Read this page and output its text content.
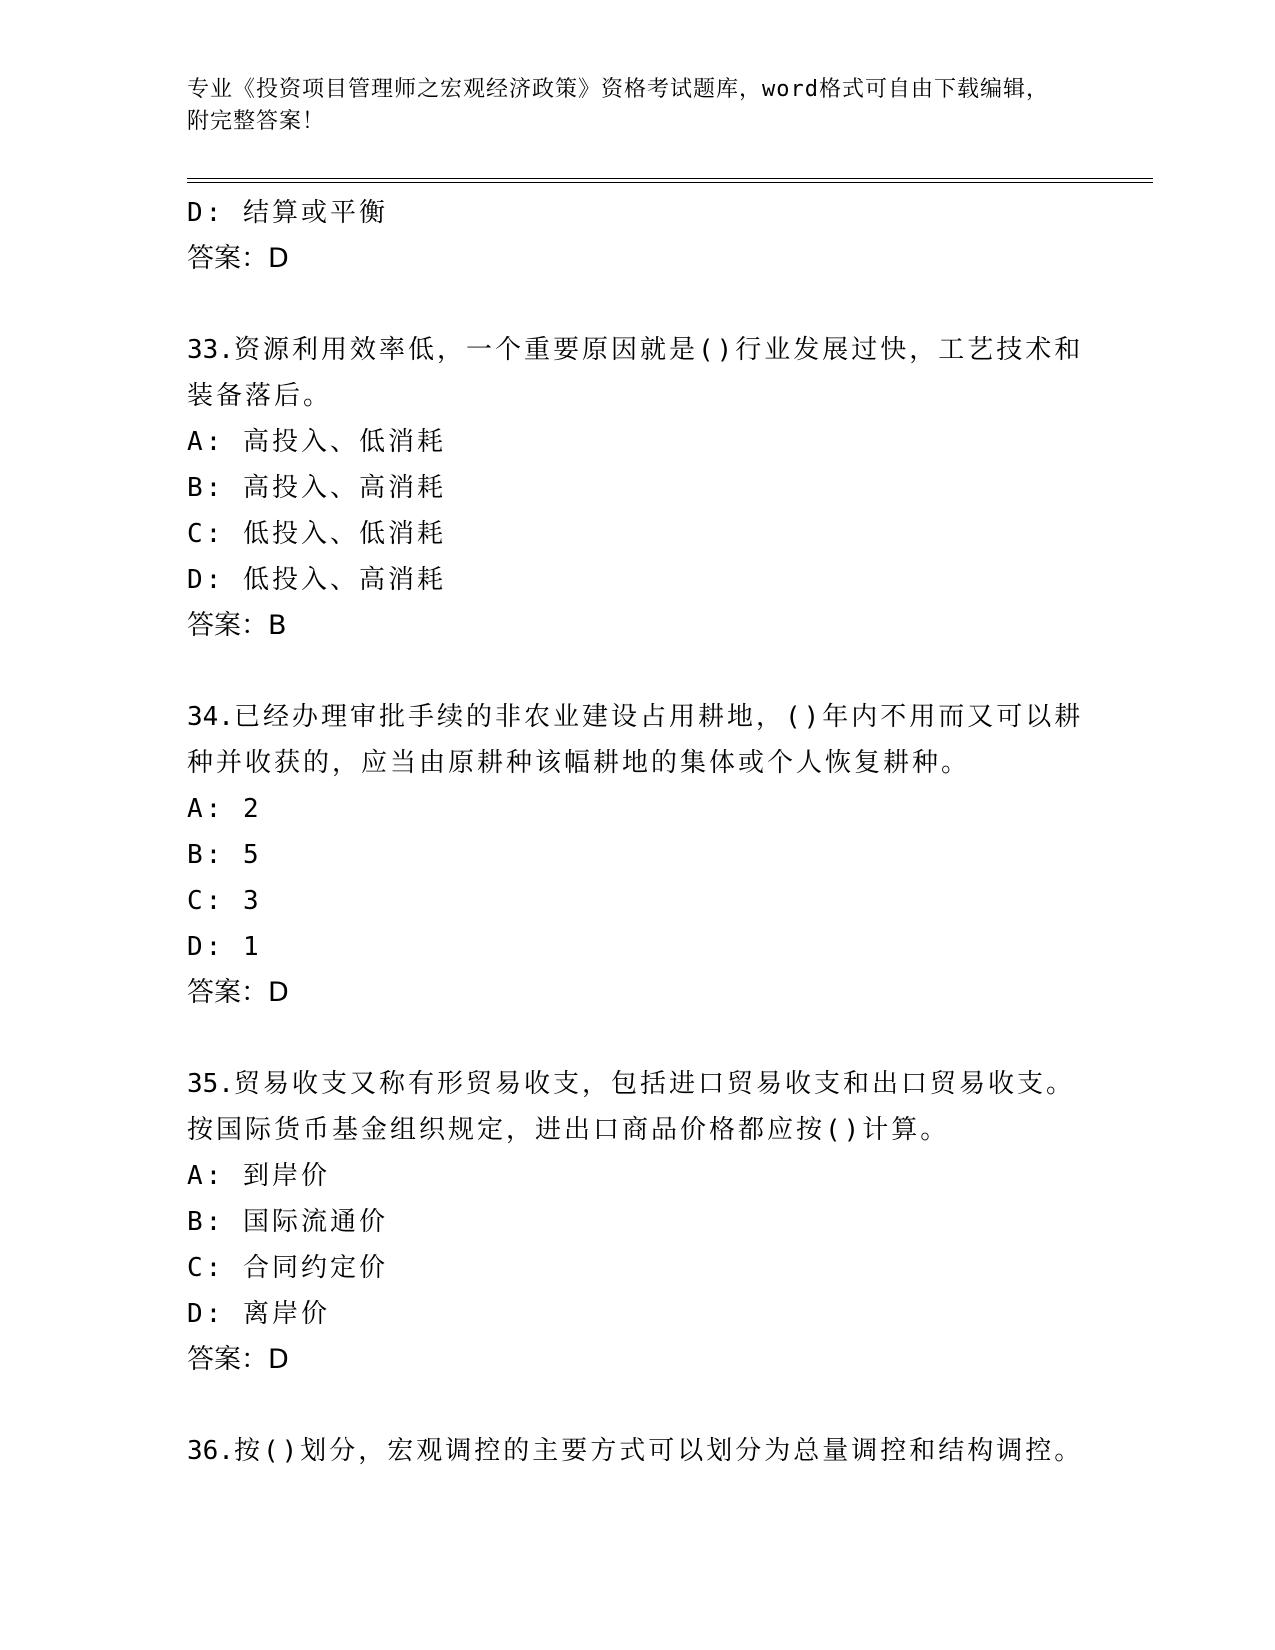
专业《投资项目管理师之宏观经济政策》资格考试题库，word格式可自由下载编辑，附完整答案！

D: 结算或平衡

答案：D

33.资源利用效率低，一个重要原因就是()行业发展过快，工艺技术和
装备落后。

A: 高投入、低消耗

B: 高投入、高消耗

C: 低投入、低消耗

D: 低投入、高消耗

答案：B

34.已经办理审批手续的非农业建设占用耕地，()年内不用而又可以耕
种并收获的，应当由原耕种该幅耕地的集体或个人恢复耕种。

A: 2

B: 5

C: 3

D: 1

答案：D

35.贸易收支又称有形贸易收支，包括进口贸易收支和出口贸易收支。
按国际货币基金组织规定，进出口商品价格都应按()计算。

A: 到岸价

B: 国际流通价

C: 合同约定价

D: 离岸价

答案：D

36.按()划分，宏观调控的主要方式可以划分为总量调控和结构调控。
